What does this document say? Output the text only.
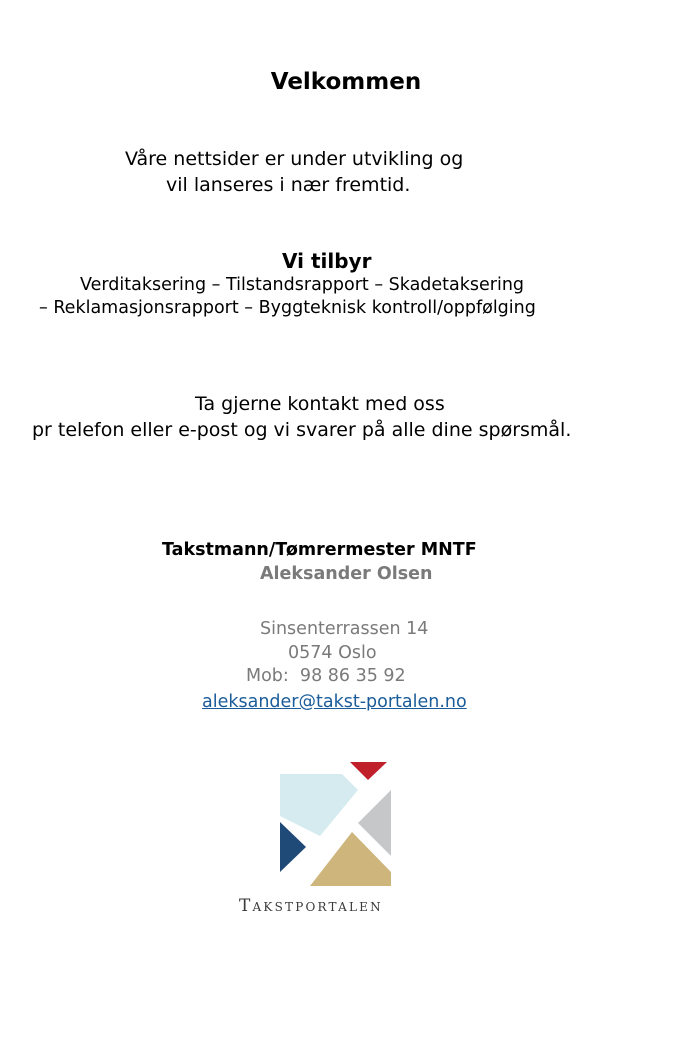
Velkommen
Våre nettsider er under utvikling og
vil lanseres i nær fremtid.
Vi tilbyr
Verditaksering – Tilstandsrapport – Skadetaksering
– Reklamasjonsrapport – Byggteknisk kontroll/oppfølging
Ta gjerne kontakt med oss
pr telefon eller e-post og vi svarer på alle dine spørsmål.
Takstmann/Tømrermester MNTF
Aleksander Olsen
Sinsenterrassen 14
0574 Oslo
Mob:  98 86 35 92
aleksander@takst-portalen.no
Takstportalen
